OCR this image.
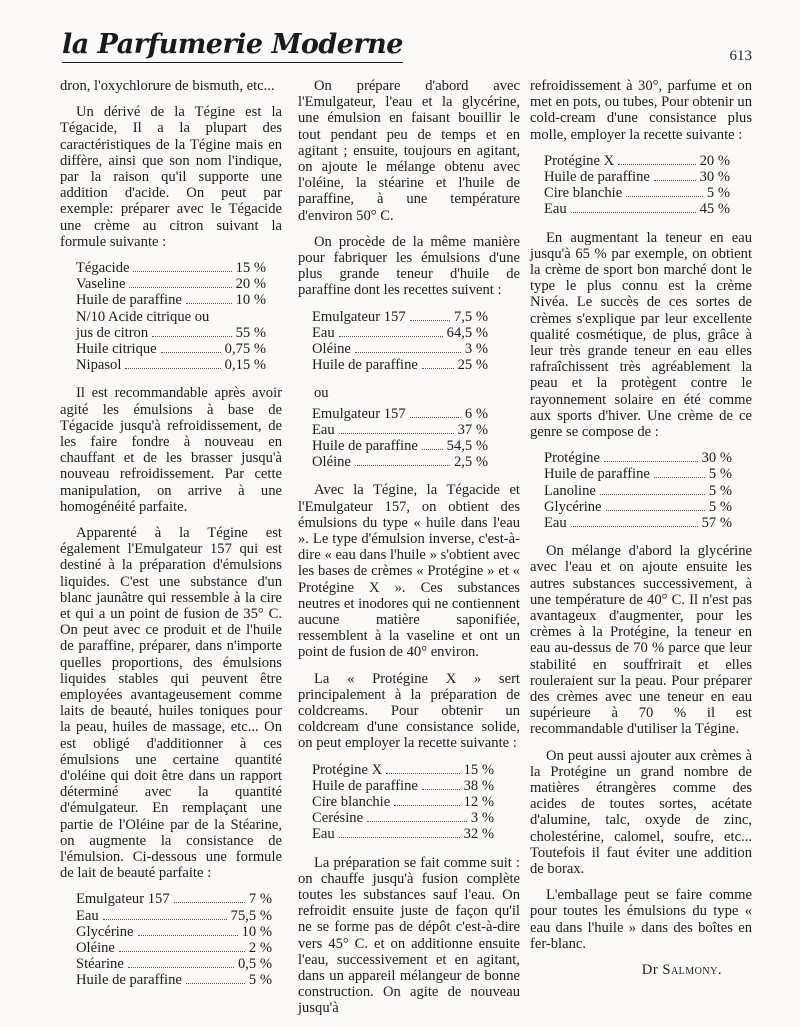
la Parfumerie Moderne	613

dron, l'oxychlorure de bismuth, etc...

Un dérivé de la Tégine est la Tégacide, Il a la plupart des caractéristiques de la Tégine mais en diffère, ainsi que son nom l'indique, par la raison qu'il supporte une addition d'acide. On peut par exemple: préparer avec le Tégacide une crème au citron suivant la formule suivante :

Tégacide	15 %
Vaseline	20 %
Huile de paraffine	10 %
N/10 Acide citrique ou
jus de citron	55 %
Huile citrique	0,75 %
Nipasol	0,15 %

Il est recommandable après avoir agité les émulsions à base de Tégacide jusqu'à refroidissement, de les faire fondre à nouveau en chauffant et de les brasser jusqu'à nouveau refroidissement. Par cette manipulation, on arrive à une homogénéité parfaite.

Apparenté à la Tégine est également l'Emulgateur 157 qui est destiné à la préparation d'émulsions liquides. C'est une substance d'un blanc jaunâtre qui ressemble à la cire et qui a un point de fusion de 35° C. On peut avec ce produit et de l'huile de paraffine, préparer, dans n'importe quelles proportions, des émulsions liquides stables qui peuvent être employées avantageusement comme laits de beauté, huiles toniques pour la peau, huiles de massage, etc... On est obligé d'additionner à ces émulsions une certaine quantité d'oléine qui doit être dans un rapport déterminé avec la quantité d'émulgateur. En remplaçant une partie de l'Oléine par de la Stéarine, on augmente la consistance de l'émulsion. Ci-dessous une formule de lait de beauté parfaite :

Emulgateur 157	7 %
Eau	75,5 %
Glycérine	10 %
Oléine	2 %
Stéarine	0,5 %
Huile de paraffine	5 %

On prépare d'abord avec l'Emulgateur, l'eau et la glycérine, une émulsion en faisant bouillir le tout pendant peu de temps et en agitant ; ensuite, toujours en agitant, on ajoute le mélange obtenu avec l'oléine, la stéarine et l'huile de paraffine, à une température d'environ 50° C.

On procède de la même manière pour fabriquer les émulsions d'une plus grande teneur d'huile de paraffine dont les recettes suivent :

Emulgateur 157	7,5 %
Eau	64,5 %
Oléine	3 %
Huile de paraffine	25 %
ou
Emulgateur 157	6 %
Eau	37 %
Huile de paraffine 54,5 %
Oléine	2,5 %

Avec la Tégine, la Tégacide et l'Emulgateur 157, on obtient des émulsions du type « huile dans l'eau ». Le type d'émulsion inverse, c'est-à-dire « eau dans l'huile » s'obtient avec les bases de crèmes « Protégine » et « Protégine X ». Ces substances neutres et inodores qui ne contiennent aucune matière saponifiée, ressemblent à la vaseline et ont un point de fusion de 40° environ.

La « Protégine X » sert principalement à la préparation de coldcreams. Pour obtenir un coldcream d'une consistance solide, on peut employer la recette suivante :

Protégine X	15 %
Huile de paraffine	38 %
Cire blanchie	12 %
Cerésine	3 %
Eau	32 %

La préparation se fait comme suit : on chauffe jusqu'à fusion complète toutes les substances sauf l'eau. On refroidit ensuite juste de façon qu'il ne se forme pas de dépôt c'est-à-dire vers 45° C. et on additionne ensuite l'eau, successivement et en agitant, dans un appareil mélangeur de bonne construction. On agite de nouveau jusqu'à

refroidissement à 30°, parfume et on met en pots, ou tubes, Pour obtenir un cold-cream d'une consistance plus molle, employer la recette suivante :

Protégine X	20 %
Huile de paraffine	30 %
Cire blanchie	5 %
Eau	45 %

En augmentant la teneur en eau jusqu'à 65 % par exemple, on obtient la crème de sport bon marché dont le type le plus connu est la crème Nivéa. Le succès de ces sortes de crèmes s'explique par leur excellente qualité cosmétique, de plus, grâce à leur très grande teneur en eau elles rafraîchissent très agréablement la peau et la protègent contre le rayonnement solaire en été comme aux sports d'hiver. Une crème de ce genre se compose de :

Protégine	30 %
Huile de paraffine	5 %
Lanoline	5 %
Glycérine	5 %
Eau	57 %

On mélange d'abord la glycérine avec l'eau et on ajoute ensuite les autres substances successivement, à une température de 40° C. Il n'est pas avantageux d'augmenter, pour les crèmes à la Protégine, la teneur en eau au-dessus de 70 % parce que leur stabilité en souffrirait et elles rouleraient sur la peau. Pour préparer des crèmes avec une teneur en eau supérieure à 70 % il est recommandable d'utiliser la Tégine.

On peut aussi ajouter aux crèmes à la Protégine un grand nombre de matières étrangères comme des acides de toutes sortes, acétate d'alumine, talc, oxyde de zinc, cholestérine, calomel, soufre, etc... Toutefois il faut éviter une addition de borax.

L'emballage peut se faire comme pour toutes les émulsions du type « eau dans l'huile » dans des boîtes en fer-blanc.

Dr Salmony.
